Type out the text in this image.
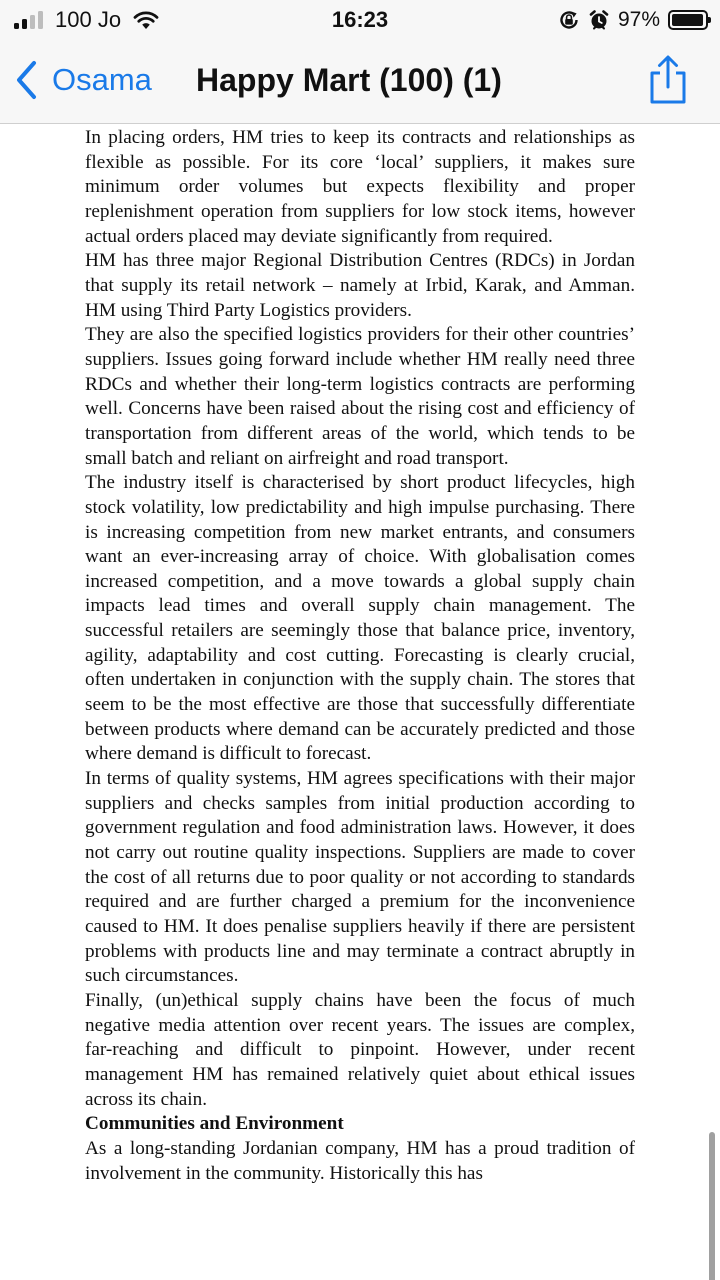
100 Jo	16:23	97%
Osama Happy Mart (100) (1)

In placing orders, HM tries to keep its contracts and relationships as flexible as possible. For its core ‘local’ suppliers, it makes sure minimum order volumes but expects flexibility and proper replenishment operation from suppliers for low stock items, however actual orders placed may deviate significantly from required.

HM has three major Regional Distribution Centres (RDCs) in Jordan that supply its retail network – namely at Irbid, Karak, and Amman. HM using Third Party Logistics providers.

They are also the specified logistics providers for their other countries’ suppliers. Issues going forward include whether HM really need three RDCs and whether their long-term logistics contracts are performing well. Concerns have been raised about the rising cost and efficiency of transportation from different areas of the world, which tends to be small batch and reliant on airfreight and road transport.

The industry itself is characterised by short product lifecycles, high stock volatility, low predictability and high impulse purchasing. There is increasing competition from new market entrants, and consumers want an ever-increasing array of choice. With globalisation comes increased competition, and a move towards a global supply chain impacts lead times and overall supply chain management. The successful retailers are seemingly those that balance price, inventory, agility, adaptability and cost cutting. Forecasting is clearly crucial, often undertaken in conjunction with the supply chain. The stores that seem to be the most effective are those that successfully differentiate between products where demand can be accurately predicted and those where demand is difficult to forecast.

In terms of quality systems, HM agrees specifications with their major suppliers and checks samples from initial production according to government regulation and food administration laws. However, it does not carry out routine quality inspections. Suppliers are made to cover the cost of all returns due to poor quality or not according to standards required and are further charged a premium for the inconvenience caused to HM. It does penalise suppliers heavily if there are persistent problems with products line and may terminate a contract abruptly in such circumstances.

Finally, (un)ethical supply chains have been the focus of much negative media attention over recent years. The issues are complex, far-reaching and difficult to pinpoint. However, under recent management HM has remained relatively quiet about ethical issues across its chain.

Communities and Environment

As a long-standing Jordanian company, HM has a proud tradition of involvement in the community. Historically this has
